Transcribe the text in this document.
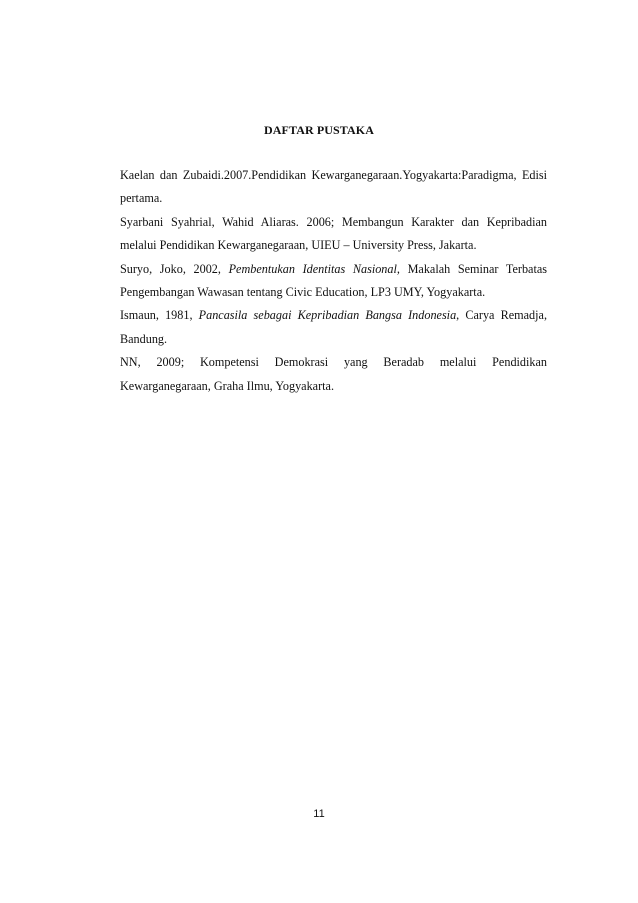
DAFTAR PUSTAKA

Kaelan dan Zubaidi.2007.Pendidikan Kewarganegaraan.Yogyakarta:Paradigma, Edisi pertama.

Syarbani Syahrial, Wahid Aliaras. 2006; Membangun Karakter dan Kepribadian melalui Pendidikan Kewarganegaraan, UIEU – University Press, Jakarta.

Suryo, Joko, 2002, Pembentukan Identitas Nasional, Makalah Seminar Terbatas Pengembangan Wawasan tentang Civic Education, LP3 UMY, Yogyakarta.

Ismaun, 1981, Pancasila sebagai Kepribadian Bangsa Indonesia, Carya Remadja, Bandung.

NN, 2009; Kompetensi Demokrasi yang Beradab melalui Pendidikan Kewarganegaraan, Graha Ilmu, Yogyakarta.

11
